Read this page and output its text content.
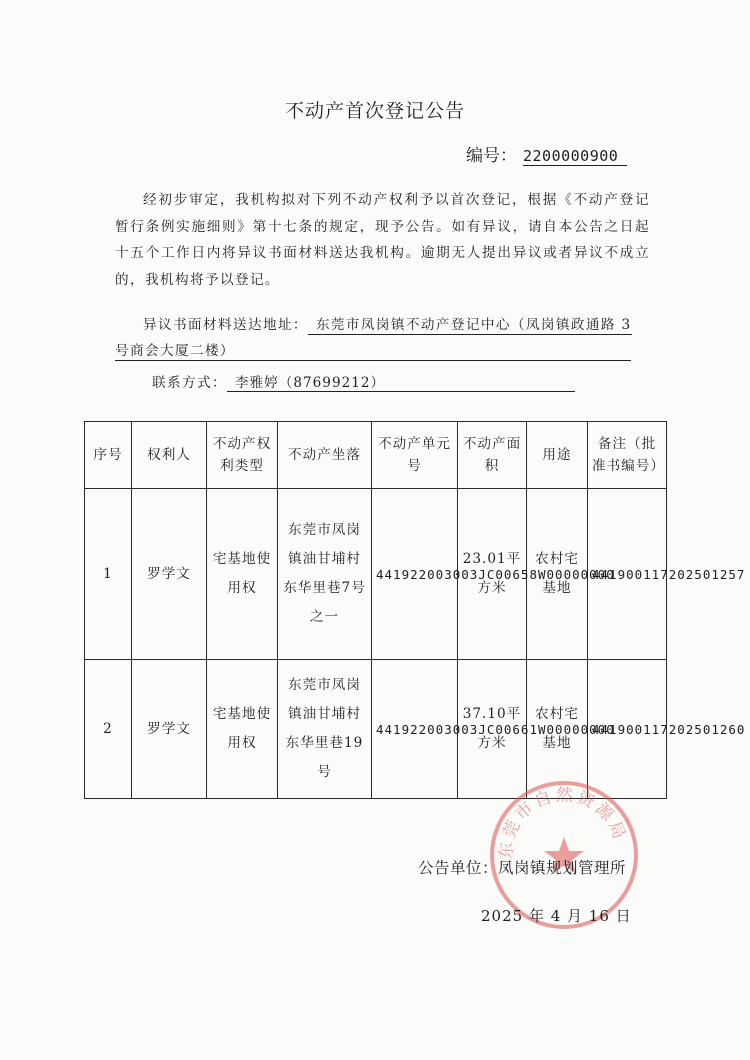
不动产首次登记公告
编号： 2200000900
经初步审定，我机构拟对下列不动产权利予以首次登记，根据《不动产登记暂行条例实施细则》第十七条的规定，现予公告。如有异议，请自本公告之日起十五个工作日内将异议书面材料送达我机构。逾期无人提出异议或者异议不成立的，我机构将予以登记。
异议书面材料送达地址： 东莞市凤岗镇不动产登记中心（凤岗镇政通路 3
号商会大厦二楼）
联系方式： 李雅婷（87699212）
序号	权利人	不动产权利类型	不动产坐落	不动产单元号	不动产面积	用途	备注（批准书编号）
1	罗学文	宅基地使用权	东莞市凤岗镇油甘埔村东华里巷7号之一	441922003003JC00658W00000000	23.01平方米	农村宅基地	441900117202501257
2	罗学文	宅基地使用权	东莞市凤岗镇油甘埔村东华里巷19号	441922003003JC00661W00000000	37.10平方米	农村宅基地	441900117202501260
东莞市自然资源局
公告单位：凤岗镇规划管理所
2025 年 4 月 16 日
